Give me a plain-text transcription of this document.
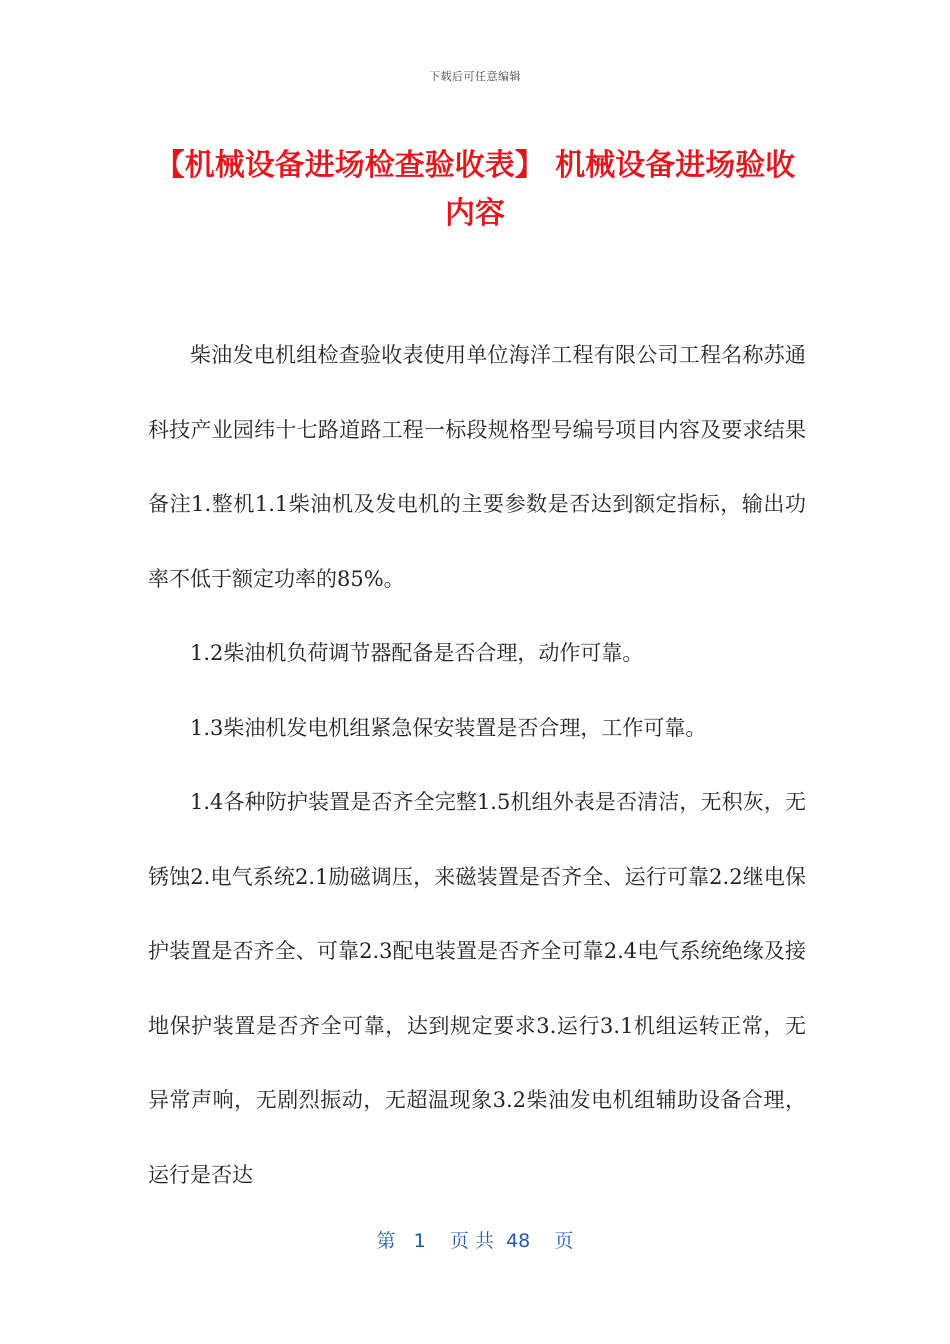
下载后可任意编辑
【机械设备进场检查验收表】 机械设备进场验收内容

柴油发电机组检查验收表使用单位海洋工程有限公司工程名称苏通科技产业园纬十七路道路工程一标段规格型号编号项目内容及要求结果备注1.整机1.1柴油机及发电机的主要参数是否达到额定指标，输出功率不低于额定功率的85%。

1.2柴油机负荷调节器配备是否合理，动作可靠。

1.3柴油机发电机组紧急保安装置是否合理，工作可靠。

1.4各种防护装置是否齐全完整1.5机组外表是否清洁，无积灰，无锈蚀2.电气系统2.1励磁调压，来磁装置是否齐全、运行可靠2.2继电保护装置是否齐全、可靠2.3配电装置是否齐全可靠2.4电气系统绝缘及接地保护装置是否齐全可靠，达到规定要求3.运行3.1机组运转正常，无异常声响，无剧烈振动，无超温现象3.2柴油发电机组辅助设备合理，运行是否达

第 1 页 共 48 页
